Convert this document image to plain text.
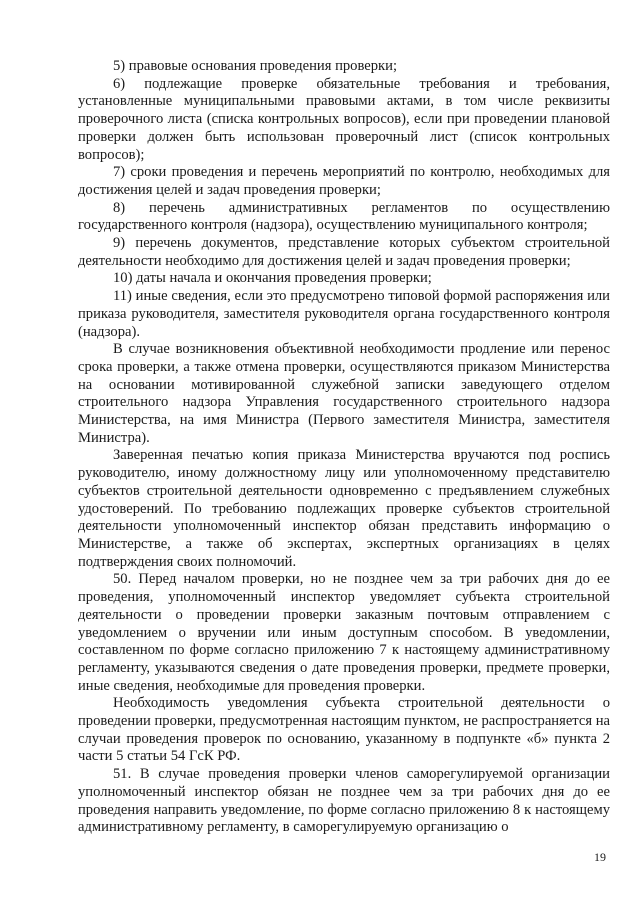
5) правовые основания проведения проверки;

6) подлежащие проверке обязательные требования и требования, установленные муниципальными правовыми актами, в том числе реквизиты проверочного листа (списка контрольных вопросов), если при проведении плановой проверки должен быть использован проверочный лист (список контрольных вопросов);

7) сроки проведения и перечень мероприятий по контролю, необходимых для достижения целей и задач проведения проверки;

8) перечень административных регламентов по осуществлению государственного контроля (надзора), осуществлению муниципального контроля;

9) перечень документов, представление которых субъектом строительной деятельности необходимо для достижения целей и задач проведения проверки;

10) даты начала и окончания проведения проверки;

11) иные сведения, если это предусмотрено типовой формой распоряжения или приказа руководителя, заместителя руководителя органа государственного контроля (надзора).

В случае возникновения объективной необходимости продление или перенос срока проверки, а также отмена проверки, осуществляются приказом Министерства на основании мотивированной служебной записки заведующего отделом строительного надзора Управления государственного строительного надзора Министерства, на имя Министра (Первого заместителя Министра, заместителя Министра).

Заверенная печатью копия приказа Министерства вручаются под роспись руководителю, иному должностному лицу или уполномоченному представителю субъектов строительной деятельности одновременно с предъявлением служебных удостоверений. По требованию подлежащих проверке субъектов строительной деятельности уполномоченный инспектор обязан представить информацию о Министерстве, а также об экспертах, экспертных организациях в целях подтверждения своих полномочий.

50. Перед началом проверки, но не позднее чем за три рабочих дня до ее проведения, уполномоченный инспектор уведомляет субъекта строительной деятельности о проведении проверки заказным почтовым отправлением с уведомлением о вручении или иным доступным способом. В уведомлении, составленном по форме согласно приложению 7 к настоящему административному регламенту, указываются сведения о дате проведения проверки, предмете проверки, иные сведения, необходимые для проведения проверки.

Необходимость уведомления субъекта строительной деятельности о проведении проверки, предусмотренная настоящим пунктом, не распространяется на случаи проведения проверок по основанию, указанному в подпункте «б» пункта 2 части 5 статьи 54 ГсК РФ.

51. В случае проведения проверки членов саморегулируемой организации уполномоченный инспектор обязан не позднее чем за три рабочих дня до ее проведения направить уведомление, по форме согласно приложению 8 к настоящему административному регламенту, в саморегулируемую организацию о

19
